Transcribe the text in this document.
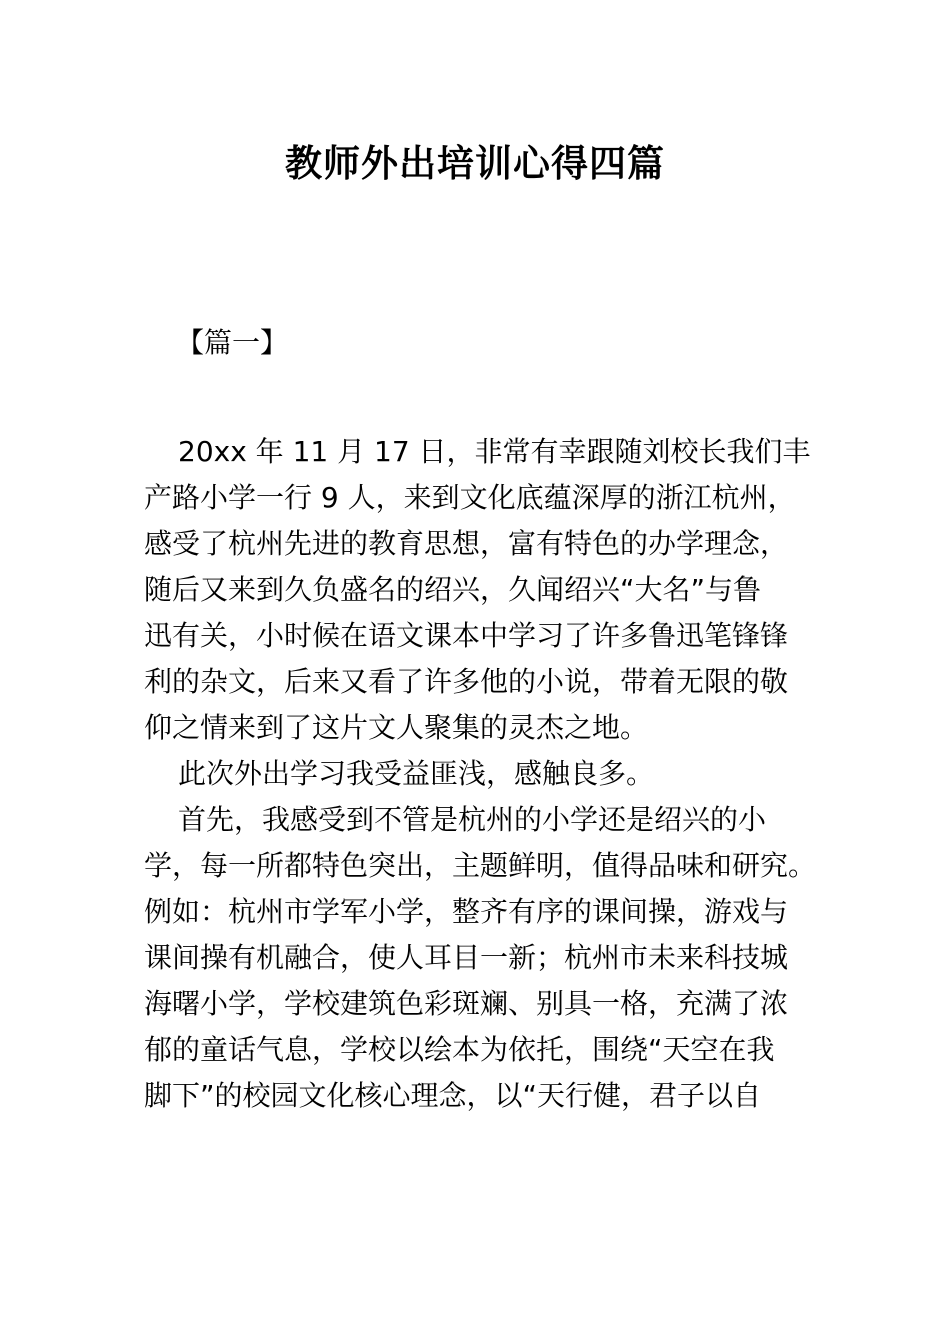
教师外出培训心得四篇
【篇一】
20xx 年 11 月 17 日，非常有幸跟随刘校长我们丰
产路小学一行 9 人，来到文化底蕴深厚的浙江杭州，
感受了杭州先进的教育思想，富有特色的办学理念，
随后又来到久负盛名的绍兴，久闻绍兴“大名”与鲁
迅有关，小时候在语文课本中学习了许多鲁迅笔锋锋
利的杂文，后来又看了许多他的小说，带着无限的敬
仰之情来到了这片文人聚集的灵杰之地。
此次外出学习我受益匪浅，感触良多。
首先，我感受到不管是杭州的小学还是绍兴的小
学，每一所都特色突出，主题鲜明，值得品味和研究。
例如：杭州市学军小学，整齐有序的课间操，游戏与
课间操有机融合，使人耳目一新；杭州市未来科技城
海曙小学，学校建筑色彩斑斓、别具一格，充满了浓
郁的童话气息，学校以绘本为依托，围绕“天空在我
脚下”的校园文化核心理念，以“天行健，君子以自
